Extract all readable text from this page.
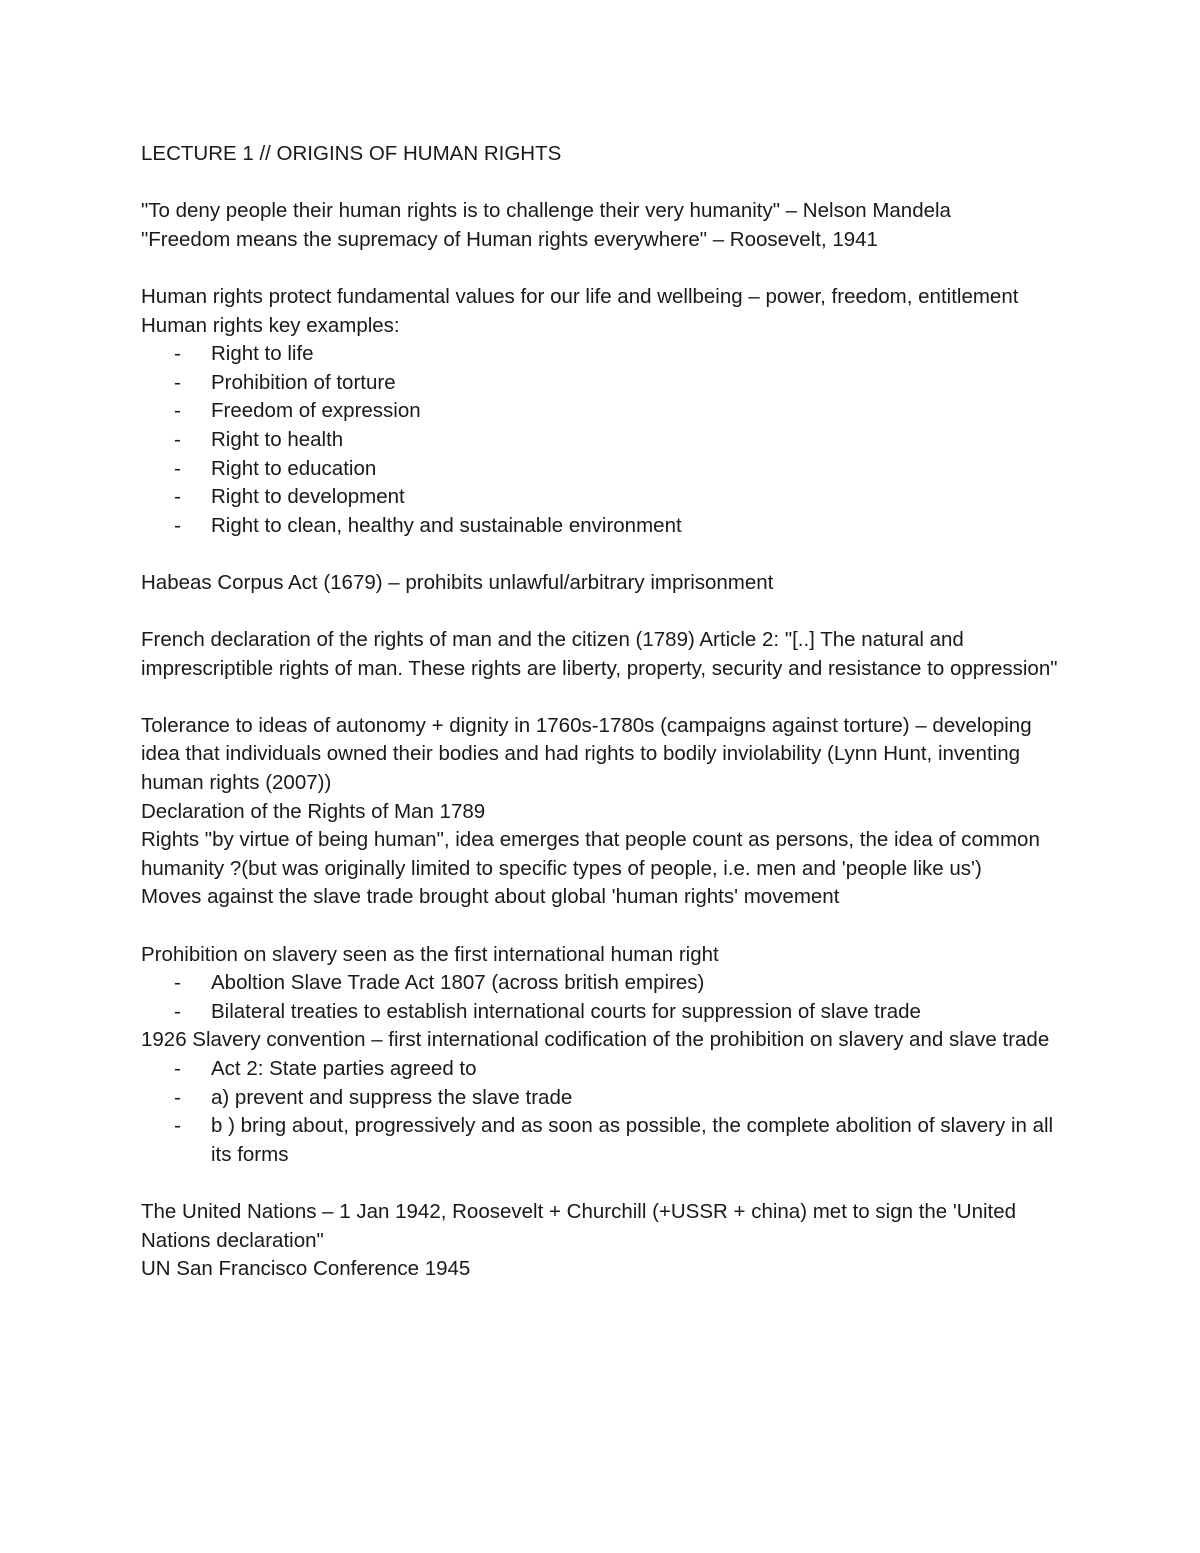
LECTURE 1 // ORIGINS OF HUMAN RIGHTS

"To deny people their human rights is to challenge their very humanity" – Nelson Mandela

"Freedom means the supremacy of Human rights everywhere" – Roosevelt, 1941

Human rights protect fundamental values for our life and wellbeing – power, freedom, entitlement

Human rights key examples:

- Right to life
- Prohibition of torture
- Freedom of expression
- Right to health
- Right to education
- Right to development
- Right to clean, healthy and sustainable environment

Habeas Corpus Act (1679) – prohibits unlawful/arbitrary imprisonment

French declaration of the rights of man and the citizen (1789) Article 2: "[..] The natural and imprescriptible rights of man. These rights are liberty, property, security and resistance to oppression"

Tolerance to ideas of autonomy + dignity in 1760s-1780s (campaigns against torture) – developing idea that individuals owned their bodies and had rights to bodily inviolability (Lynn Hunt, inventing human rights (2007))

Declaration of the Rights of Man 1789

Rights "by virtue of being human", idea emerges that people count as persons, the idea of common humanity ?(but was originally limited to specific types of people, i.e. men and 'people like us')

Moves against the slave trade brought about global 'human rights' movement

Prohibition on slavery seen as the first international human right

- Aboltion Slave Trade Act 1807 (across british empires)
- Bilateral treaties to establish international courts for suppression of slave trade

1926 Slavery convention – first international codification of the prohibition on slavery and slave trade

- Act 2: State parties agreed to
- a) prevent and suppress the slave trade
- b ) bring about, progressively and as soon as possible, the complete abolition of slavery in all its forms

The United Nations – 1 Jan 1942, Roosevelt + Churchill (+USSR + china) met to sign the 'United Nations declaration"

UN San Francisco Conference 1945
